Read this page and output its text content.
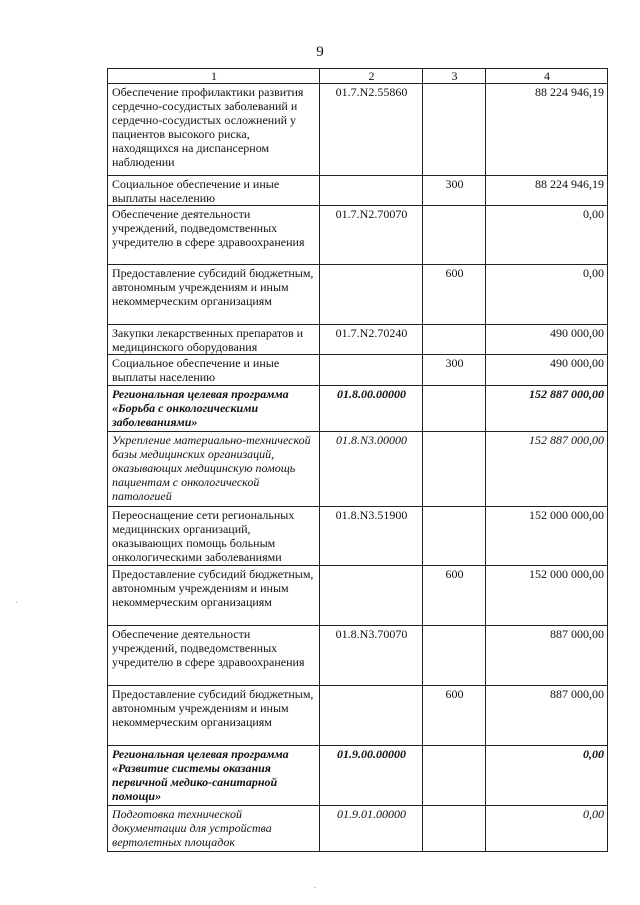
9
1	2	3	4
Обеспечение профилактики развития сердечно-сосудистых заболеваний и сердечно-сосудистых осложнений у пациентов высокого риска, находящихся на диспансерном наблюдении	01.7.N2.55860		88 224 946,19
Социальное обеспечение и иные выплаты населению		300	88 224 946,19
Обеспечение деятельности учреждений, подведомственных учредителю в сфере здравоохранения	01.7.N2.70070		0,00
Предоставление субсидий бюджетным, автономным учреждениям и иным некоммерческим организациям		600	0,00
Закупки лекарственных препаратов и медицинского оборудования	01.7.N2.70240		490 000,00
Социальное обеспечение и иные выплаты населению		300	490 000,00
Региональная целевая программа «Борьба с онкологическими заболеваниями»	01.8.00.00000		152 887 000,00
Укрепление материально-технической базы медицинских организаций, оказывающих медицинскую помощь пациентам с онкологической патологией	01.8.N3.00000		152 887 000,00
Переоснащение сети региональных медицинских организаций, оказывающих помощь больным онкологическими заболеваниями	01.8.N3.51900		152 000 000,00
Предоставление субсидий бюджетным, автономным учреждениям и иным некоммерческим организациям		600	152 000 000,00
Обеспечение деятельности учреждений, подведомственных учредителю в сфере здравоохранения	01.8.N3.70070		887 000,00
Предоставление субсидий бюджетным, автономным учреждениям и иным некоммерческим организациям		600	887 000,00
Региональная целевая программа «Развитие системы оказания первичной медико-санитарной помощи»	01.9.00.00000		0,00
Подготовка технической документации для устройства вертолетных площадок	01.9.01.00000		0,00
